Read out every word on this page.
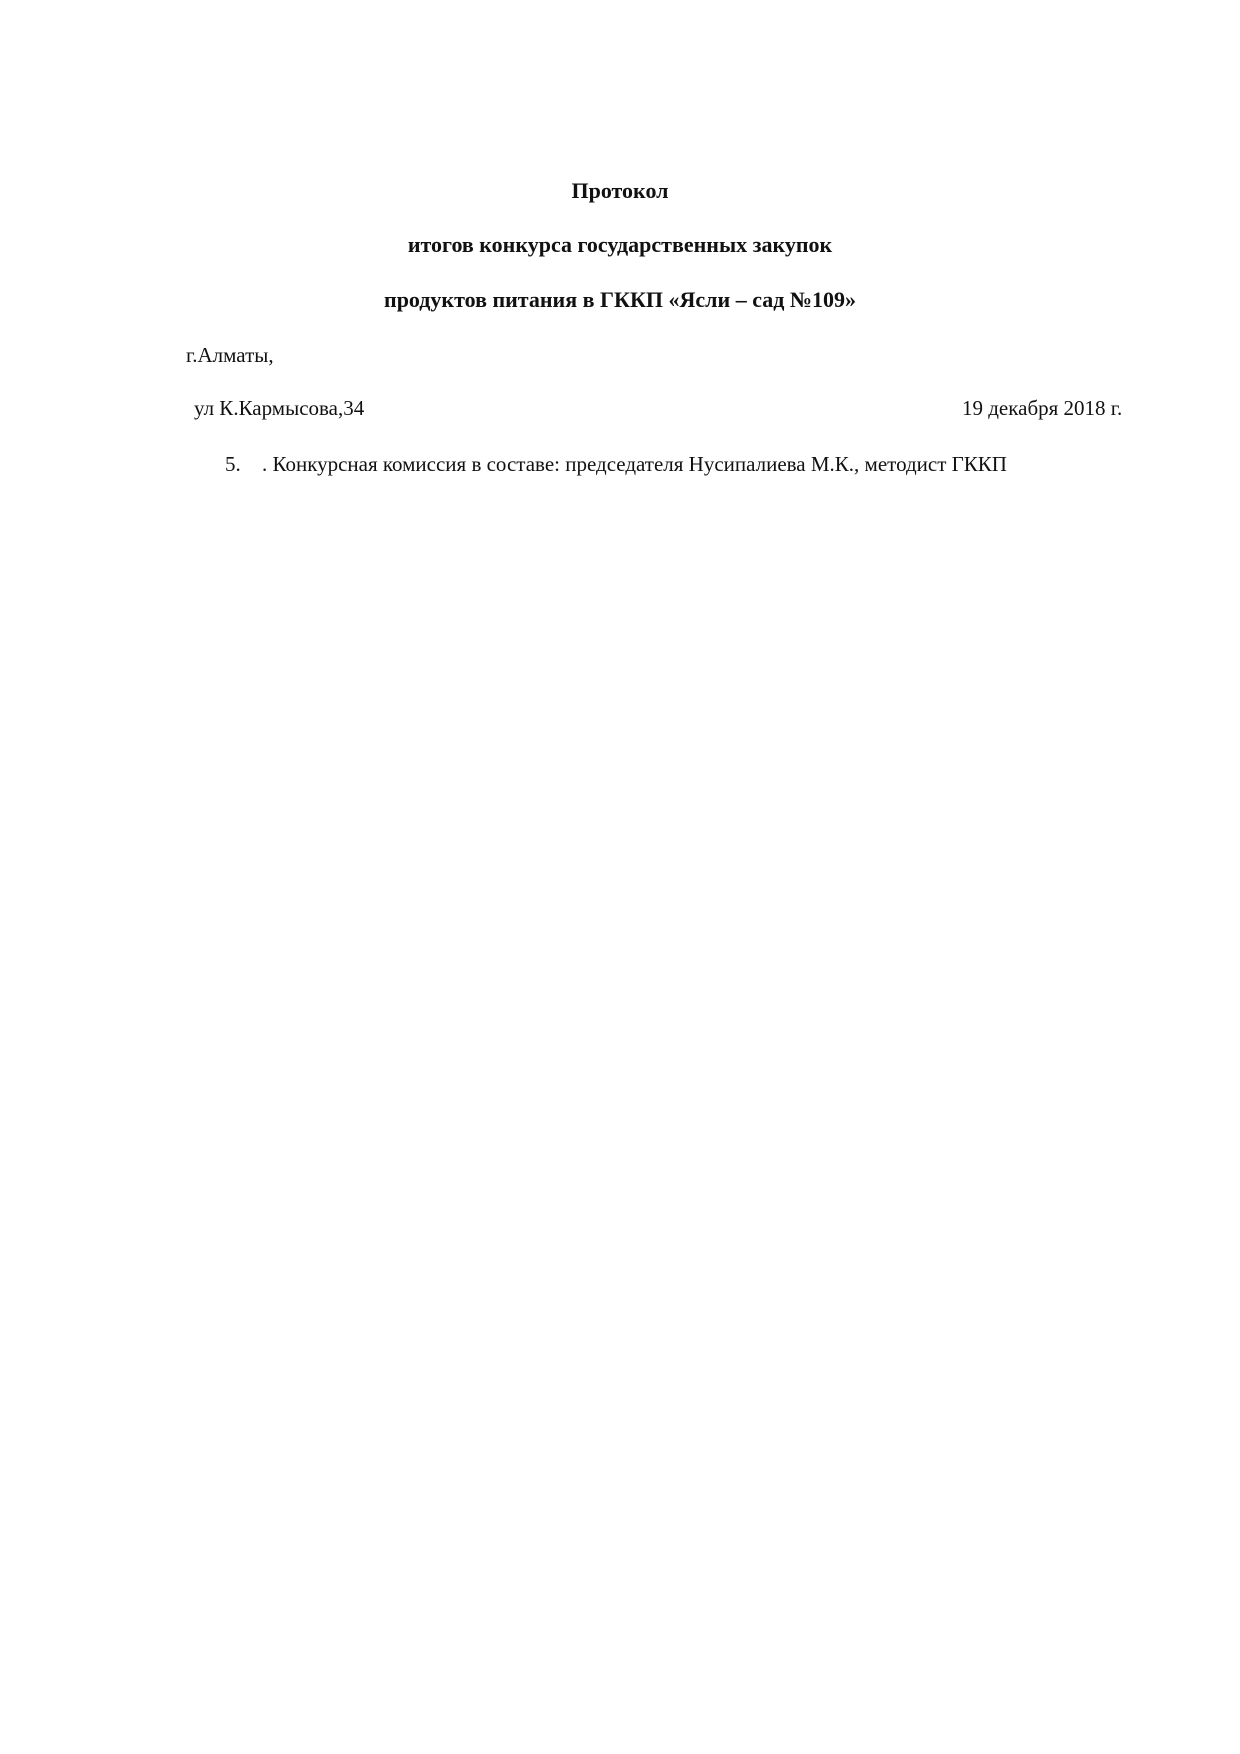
Протокол
итогов конкурса государственных закупок
продуктов питания в ГККП «Ясли – сад №109»
г.Алматы,
ул К.Кармысова,34	19 декабря 2018 г.
5. . Конкурсная комиссия в составе: председателя Нусипалиева М.К., методист ГККП
